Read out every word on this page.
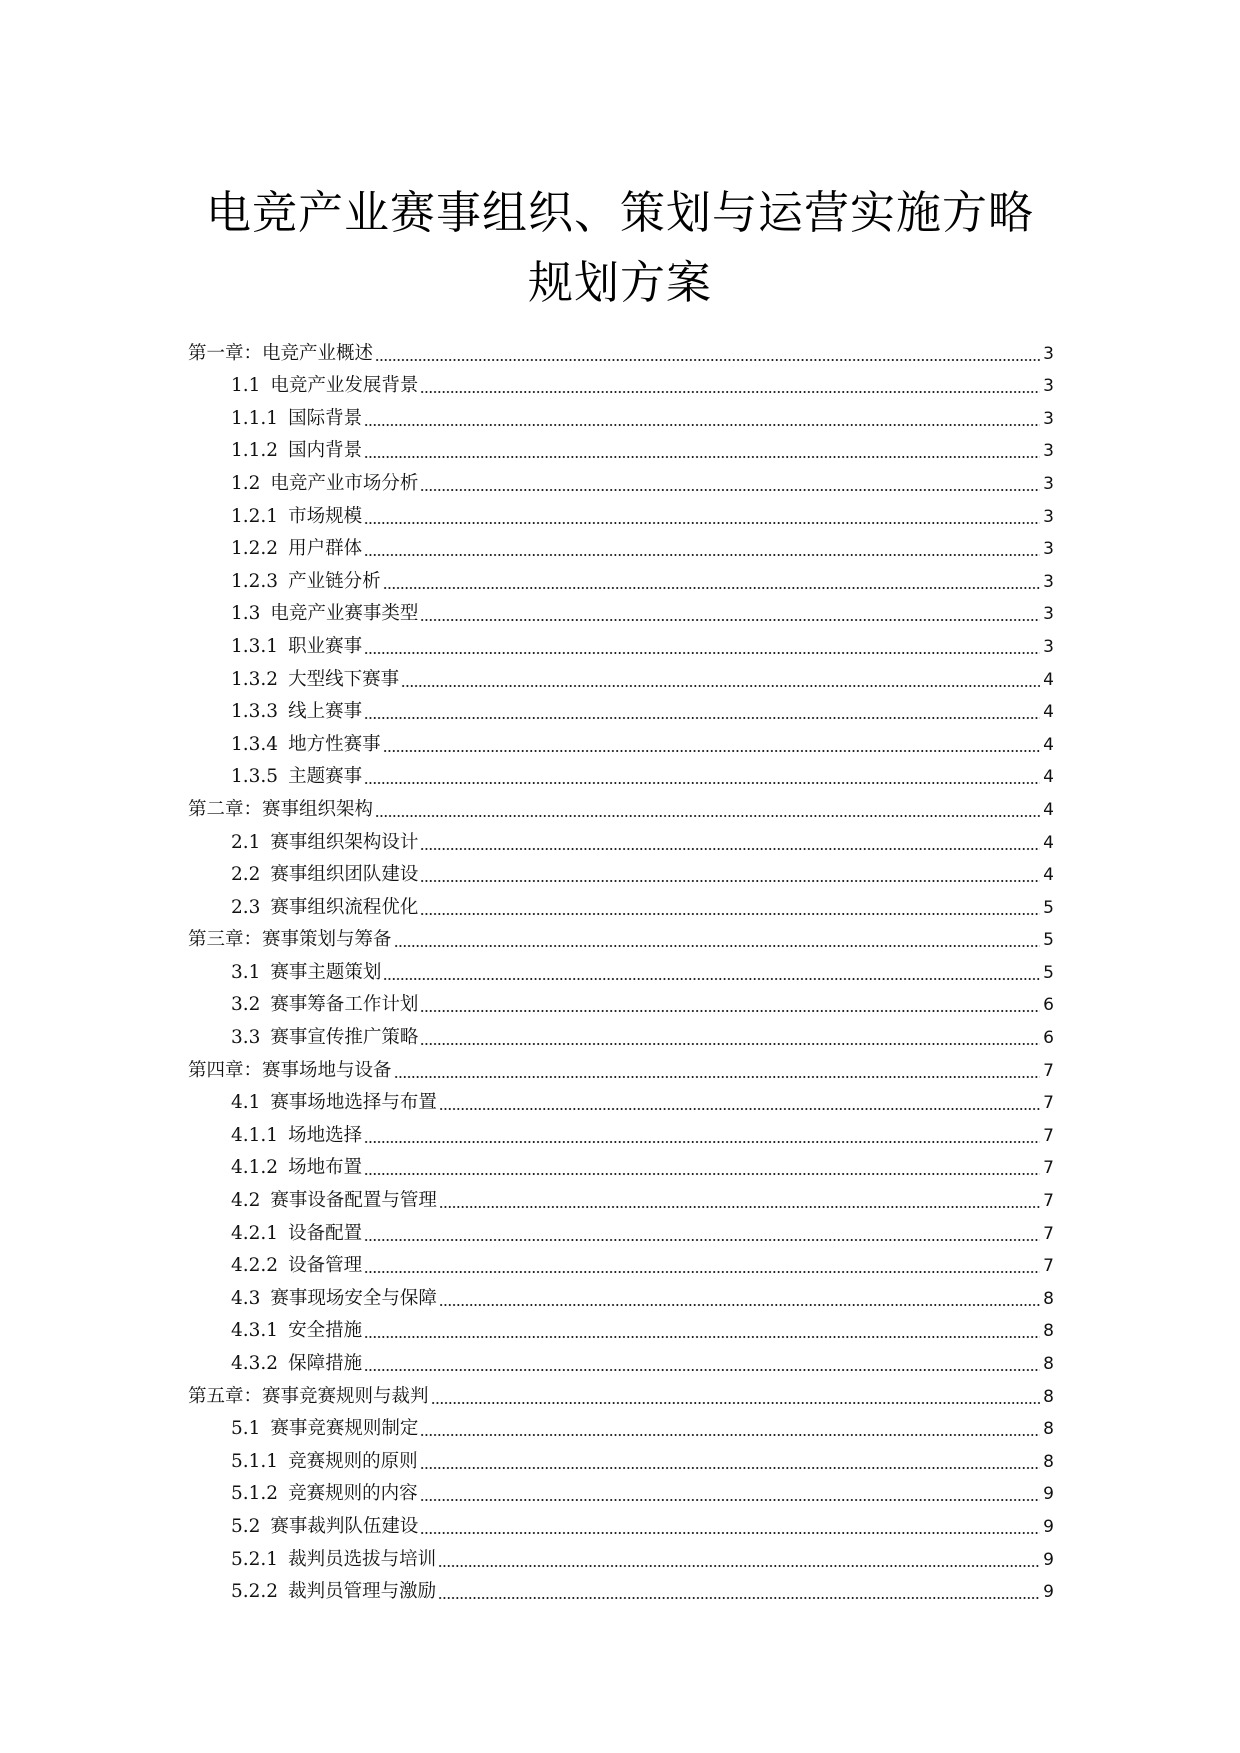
电竞产业赛事组织、策划与运营实施方略
规划方案
第一章： 电竞产业概述	3
1.1 电竞产业发展背景	3
1.1.1 国际背景	3
1.1.2 国内背景	3
1.2 电竞产业市场分析	3
1.2.1 市场规模	3
1.2.2 用户群体	3
1.2.3 产业链分析	3
1.3 电竞产业赛事类型	3
1.3.1 职业赛事	3
1.3.2 大型线下赛事	4
1.3.3 线上赛事	4
1.3.4 地方性赛事	4
1.3.5 主题赛事	4
第二章： 赛事组织架构	4
2.1 赛事组织架构设计	4
2.2 赛事组织团队建设	4
2.3 赛事组织流程优化	5
第三章： 赛事策划与筹备	5
3.1 赛事主题策划	5
3.2 赛事筹备工作计划	6
3.3 赛事宣传推广策略	6
第四章： 赛事场地与设备	7
4.1 赛事场地选择与布置	7
4.1.1 场地选择	7
4.1.2 场地布置	7
4.2 赛事设备配置与管理	7
4.2.1 设备配置	7
4.2.2 设备管理	7
4.3 赛事现场安全与保障	8
4.3.1 安全措施	8
4.3.2 保障措施	8
第五章： 赛事竞赛规则与裁判	8
5.1 赛事竞赛规则制定	8
5.1.1 竞赛规则的原则	8
5.1.2 竞赛规则的内容	9
5.2 赛事裁判队伍建设	9
5.2.1 裁判员选拔与培训	9
5.2.2 裁判员管理与激励	9
